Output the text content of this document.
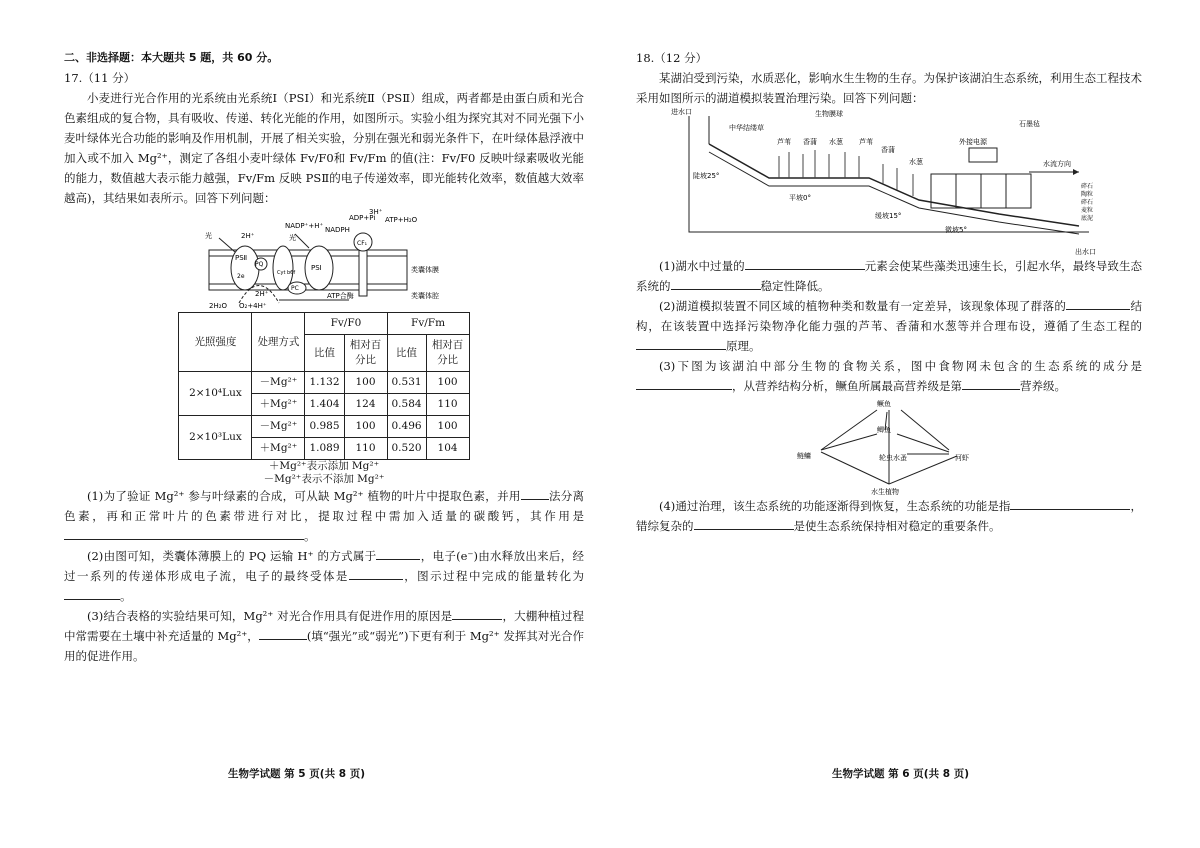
二、非选择题：本大题共 5 题，共 60 分。
17.（11 分）

小麦进行光合作用的光系统由光系统Ⅰ（PSⅠ）和光系统Ⅱ（PSⅡ）组成，两者都是由蛋白质和光合色素组成的复合物，具有吸收、传递、转化光能的作用，如图所示。实验小组为探究其对不同光强下小麦叶绿体光合功能的影响及作用机制，开展了相关实验，分别在强光和弱光条件下，在叶绿体悬浮液中加入或不加入 Mg²⁺，测定了各组小麦叶绿体 Fv/F0和 Fv/Fm 的值(注：Fv/F0 反映叶绿素吸收光能的能力，数值越大表示能力越强，Fv/Fm 反映 PSⅡ的电子传递效率，即光能转化效率，数值越大效率越高)，其结果如表所示。回答下列问题：

光	2H⁺
NADP⁺+H⁺ NADPH
ADP+Pi ATP+H₂O
3H⁺
光
PSⅡ
PSⅠ
PQ
Cyt b6f
PC
CF₁
2e
2H₂O O₂+4H⁺
2H⁺	ATP合酶
类囊体膜
类囊体腔
光照强度	处理方式	Fv/F0		Fv/Fm	
		比值	相对百分比	比值	相对百分比
2×10⁴Lux	－Mg²⁺	1.132	100	0.531	100
	＋Mg²⁺	1.404	124	0.584	110
2×10³Lux	－Mg²⁺	0.985	100	0.496	100
	＋Mg²⁺	1.089	110	0.520	104
＋Mg²⁺表示添加 Mg²⁺
－Mg²⁺表示不添加 Mg²⁺

(1)为了验证 Mg²⁺ 参与叶绿素的合成，可从缺 Mg²⁺ 植物的叶片中提取色素，并用 法分离色素，再和正常叶片的色素带进行对比，提取过程中需加入适量的碳酸钙，其作用是。

(2)由图可知，类囊体薄膜上的 PQ 运输 H⁺ 的方式属于	，电子(e⁻)由水释放出来后，经过一系列的传递体形成电子流，电子的最终受体是	，图示过程中完成的能量转化为。

(3)结合表格的实验结果可知，Mg²⁺ 对光合作用具有促进作用的原因是	，大棚种植过程中常需要在土壤中补充适量的 Mg²⁺，	(填“强光”或“弱光”)下更有利于 Mg²⁺ 发挥其对光合作用的促进作用。

18.（12 分）

某湖泊受到污染，水质恶化，影响水生生物的生存。为保护该湖泊生态系统，利用生态工程技术采用如图所示的湖道模拟装置治理污染。回答下列问题：

进水口
出水口
中华结缕草
生物膜球
芦苇 香蒲 水葱 芦苇
香蒲
水葱
外接电源
石墨毡
水流方向
陡坡25°
平坡0°
缓坡15°
微坡5°
碎石
陶粒
碎石
麦粒
底泥

(1)湖水中过量的	元素会使某些藻类迅速生长，引起水华，最终导致生态系统的	稳定性降低。

(2)湖道模拟装置不同区域的植物种类和数量有一定差异，该现象体现了群落的	结构，在该装置中选择污染物净化能力强的芦苇、香蒲和水葱等并合理布设，遵循了生态工程的原理。

(3)下图为该湖泊中部分生物的食物关系，图中食物网未包含的生态系统的成分是，从营养结构分析，鳜鱼所属最高营养级是第	营养级。

鳜鱼
鲫鱼
鲢鳙	轮虫水蚤	河虾
水生植物

(4)通过治理，该生态系统的功能逐渐得到恢复，生态系统的功能是指	，错综复杂的	是使生态系统保持相对稳定的重要条件。

生物学试题 第 5 页(共 8 页)	生物学试题 第 6 页(共 8 页)
